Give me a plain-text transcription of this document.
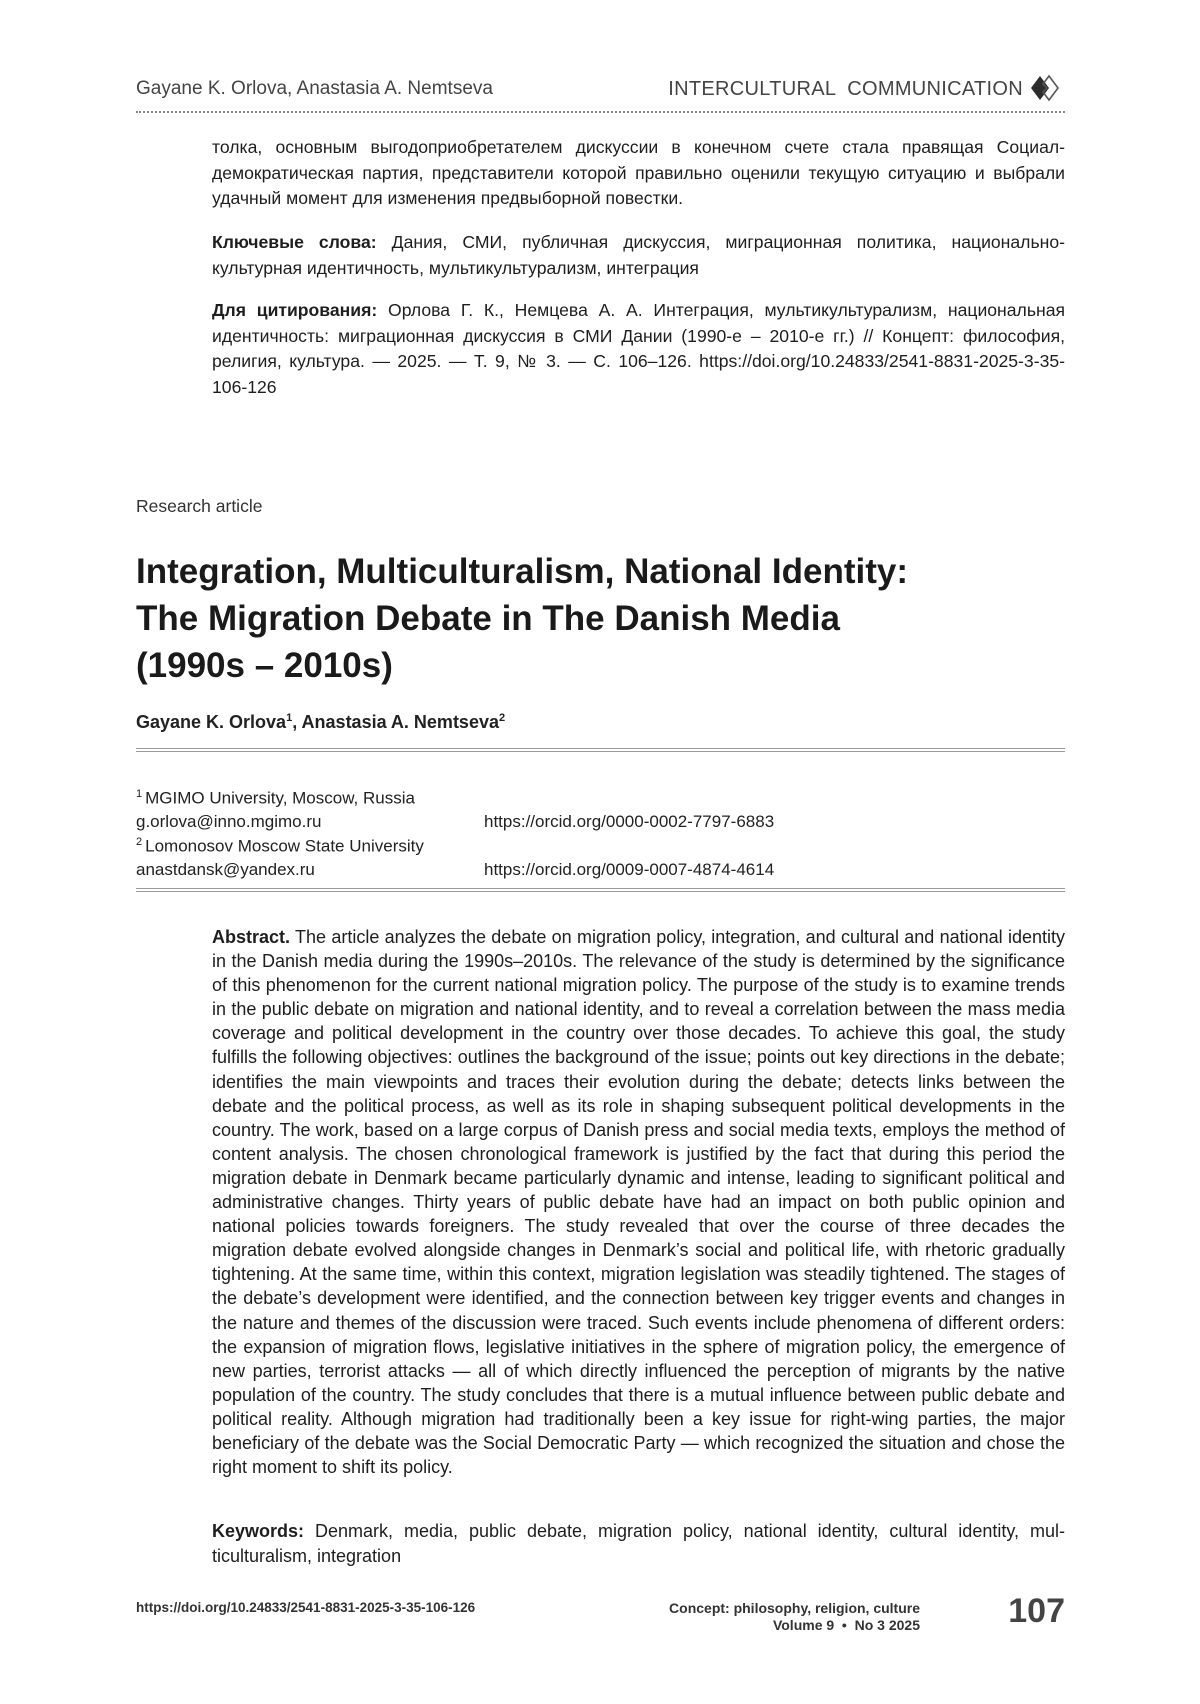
Gayane K. Orlova, Anastasia A. Nemtseva	INTERCULTURAL  COMMUNICATION

толка, основным выгодоприобретателем дискуссии в конечном счете стала правящая Социалдемократическая партия, представители которой правильно оценили текущую ситуацию и выбрали удачный момент для изменения предвыборной повестки.

Ключевые слова: Дания, СМИ, публичная дискуссия, миграционная политика, национальнокультурная идентичность, мультикультурализм, интеграция

Для цитирования: Орлова Г. К., Немцева А. А. Интеграция, мультикультурализм, национальная идентичность: миграционная дискуссия в СМИ Дании (1990-е – 2010-е гг.) // Концепт: философия, религия, культура. — 2025. — Т. 9, № 3. — С. 106–126. https://doi.org/10.24833/2541-8831-2025-3-35-106-126

Research article
Integration, Multiculturalism, National Identity:
The Migration Debate in The Danish Media
(1990s – 2010s)
Gayane K. Orlova$^1$, Anastasia A. Nemtseva$^2$
$^1$ MGIMO University, Moscow, Russia
g.orlova@inno.mgimo.ru	https://orcid.org/0000-0002-7797-6883
$^2$ Lomonosov Moscow State University
anastdansk@yandex.ru	https://orcid.org/0009-0007-4874-4614

Abstract. The article analyzes the debate on migration policy, integration, and cultural and national identity in the Danish media during the 1990s–2010s. The relevance of the study is determined by the significance of this phenomenon for the current national migration policy. The purpose of the study is to examine trends in the public debate on migration and national identity, and to reveal a correlation between the mass media coverage and political development in the country over those decades. To achieve this goal, the study fulfills the following objectives: outlines the background of the issue; points out key directions in the debate; identifies the main viewpoints and traces their evolution during the debate; detects links between the debate and the political process, as well as its role in shaping subsequent political developments in the country. The work, based on a large corpus of Danish press and social media texts, employs the method of content analysis. The chosen chronological framework is justified by the fact that during this period the migration debate in Denmark became particularly dynamic and intense, leading to significant political and administrative changes. Thirty years of public debate have had an impact on both public opinion and national policies towards foreigners. The study revealed that over the course of three decades the migration debate evolved alongside changes in Denmark’s social and political life, with rhetoric gradually tightening. At the same time, within this context, migration legislation was steadily tightened. The stages of the debate’s development were identified, and the connection between key trigger events and changes in the nature and themes of the discussion were traced. Such events include phenomena of different orders: the expansion of migration flows, legislative initiatives in the sphere of migration policy, the emergence of new parties, terrorist attacks — all of which directly influenced the perception of migrants by the native population of the country. The study concludes that there is a mutual influence between public debate and political reality. Although migration had traditionally been a key issue for right-wing parties, the major beneficiary of the debate was the Social Democratic Party — which recognized the situation and chose the right moment to shift its policy.

Keywords: Denmark, media, public debate, migration policy, national identity, cultural identity, multiculturalism, integration

https://doi.org/10.24833/2541-8831-2025-3-35-106-126	Concept: philosophy, religion, culture
Volume 9  •  No 3 2025	107
